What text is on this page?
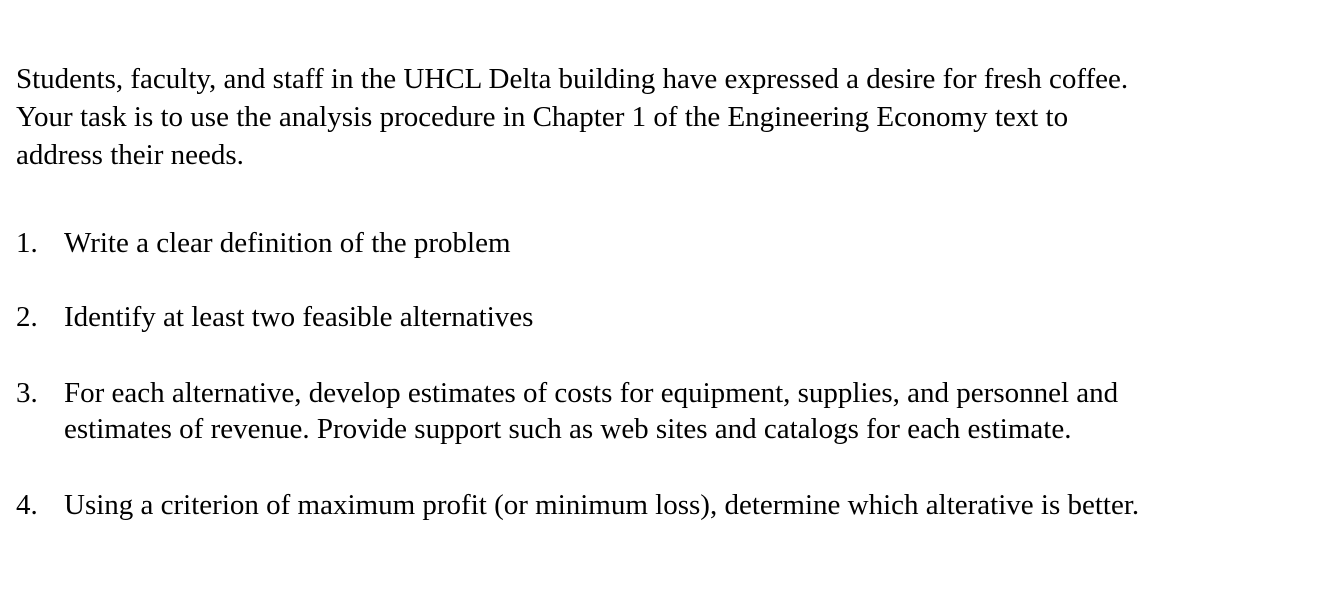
Students, faculty, and staff in the UHCL Delta building have expressed a desire for fresh coffee.
Your task is to use the analysis procedure in Chapter 1 of the Engineering Economy text to
address their needs.

1. Write a clear definition of the problem
2. Identify at least two feasible alternatives
3. For each alternative, develop estimates of costs for equipment, supplies, and personnel and
estimates of revenue. Provide support such as web sites and catalogs for each estimate.
4. Using a criterion of maximum profit (or minimum loss), determine which alterative is better.
